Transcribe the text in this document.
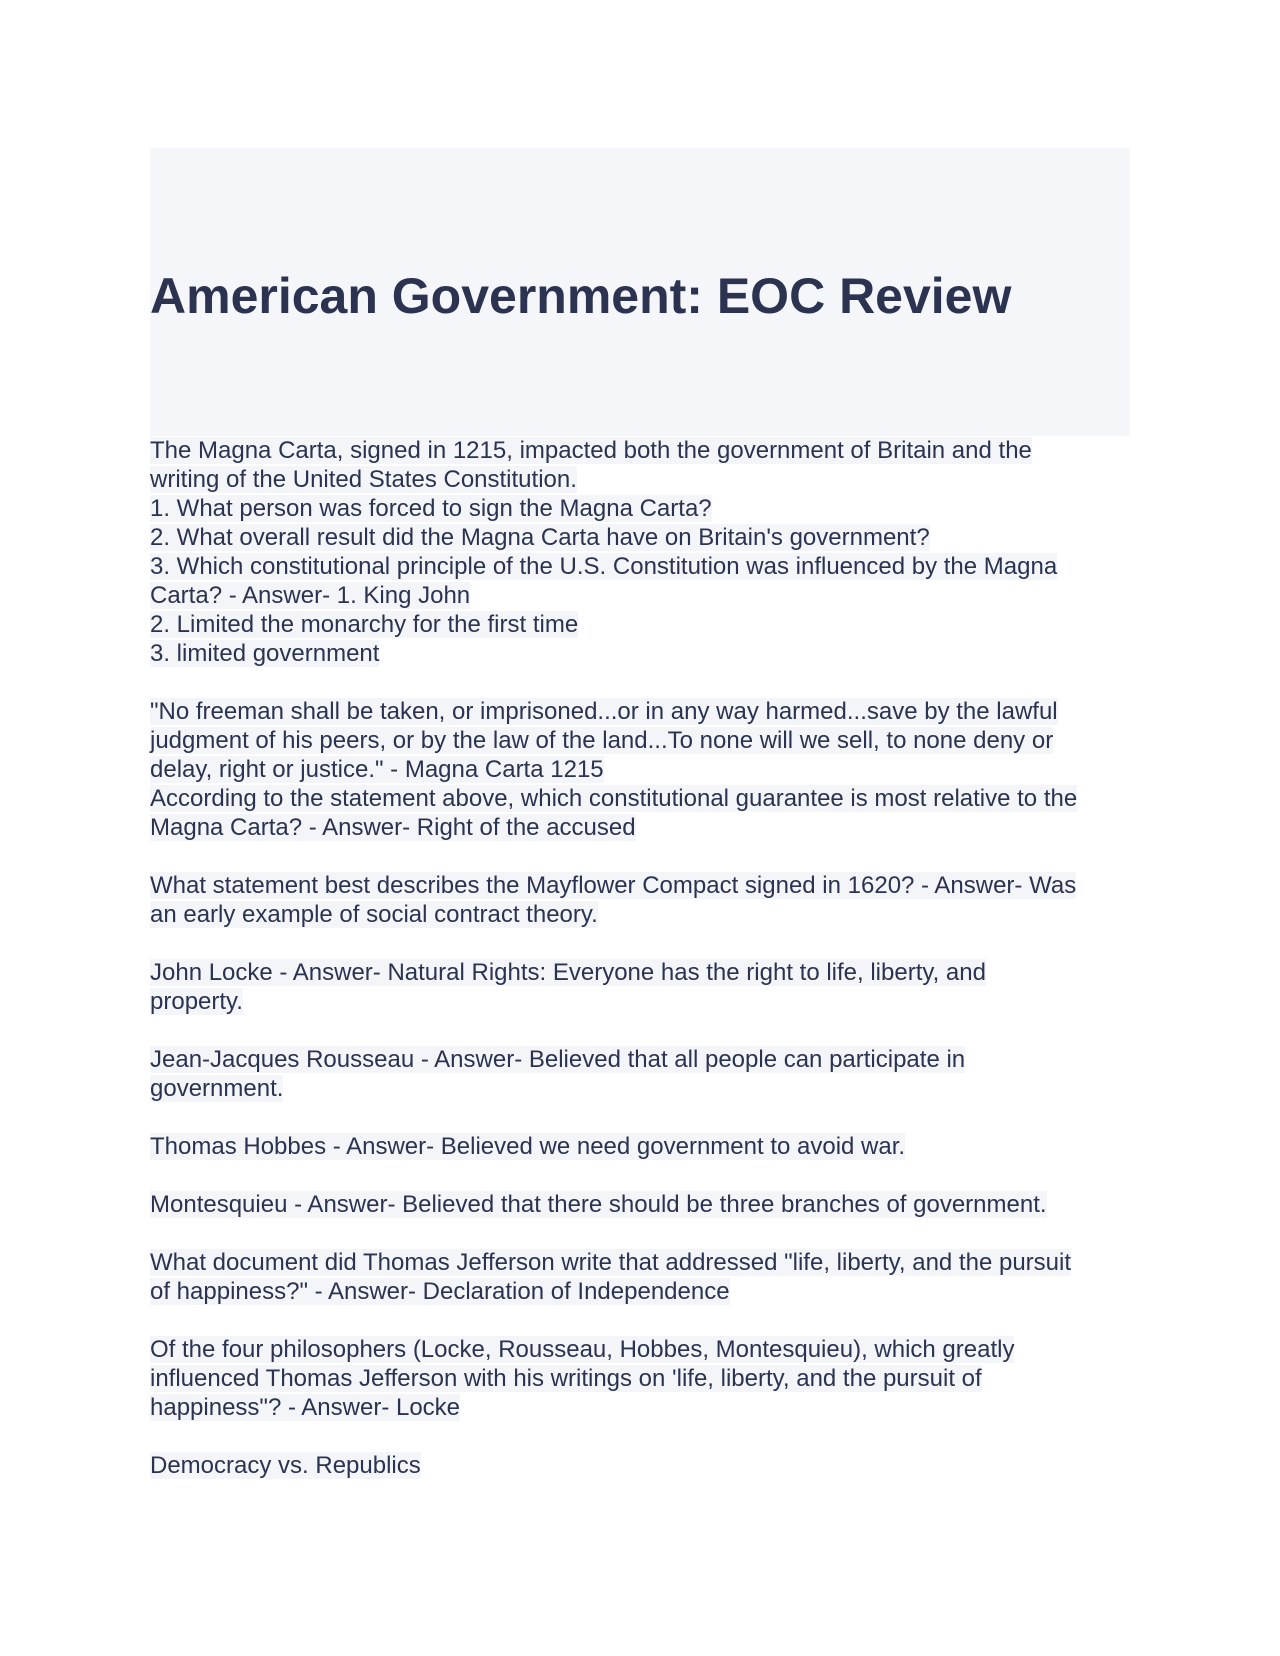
American Government: EOC Review

The Magna Carta, signed in 1215, impacted both the government of Britain and the
writing of the United States Constitution.
1. What person was forced to sign the Magna Carta?
2. What overall result did the Magna Carta have on Britain's government?
3. Which constitutional principle of the U.S. Constitution was influenced by the Magna
Carta? - Answer- 1. King John
2. Limited the monarchy for the first time
3. limited government

"No freeman shall be taken, or imprisoned...or in any way harmed...save by the lawful
judgment of his peers, or by the law of the land...To none will we sell, to none deny or
delay, right or justice." - Magna Carta 1215
According to the statement above, which constitutional guarantee is most relative to the
Magna Carta? - Answer- Right of the accused

What statement best describes the Mayflower Compact signed in 1620? - Answer- Was
an early example of social contract theory.

John Locke - Answer- Natural Rights: Everyone has the right to life, liberty, and
property.

Jean-Jacques Rousseau - Answer- Believed that all people can participate in
government.

Thomas Hobbes - Answer- Believed we need government to avoid war.

Montesquieu - Answer- Believed that there should be three branches of government.

What document did Thomas Jefferson write that addressed "life, liberty, and the pursuit
of happiness?" - Answer- Declaration of Independence

Of the four philosophers (Locke, Rousseau, Hobbes, Montesquieu), which greatly
influenced Thomas Jefferson with his writings on 'life, liberty, and the pursuit of
happiness"? - Answer- Locke

Democracy vs. Republics
